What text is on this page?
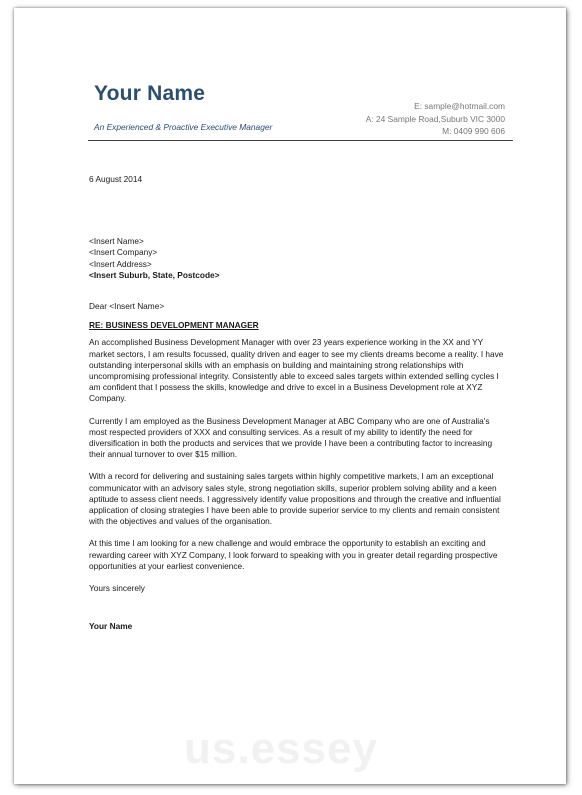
Your Name
An Experienced & Proactive Executive Manager
E: sample@hotmail.com
A: 24 Sample Road,Suburb VIC 3000
M: 0409 990 606

6 August 2014

<Insert Name>
<Insert Company>
<Insert Address>
<Insert Suburb, State, Postcode>

Dear <Insert Name>

RE: BUSINESS DEVELOPMENT MANAGER

An accomplished Business Development Manager with over 23 years experience working in the XX and YY market sectors, I am results focussed, quality driven and eager to see my clients dreams become a reality. I have outstanding interpersonal skills with an emphasis on building and maintaining strong relationships with uncompromising professional integrity. Consistently able to exceed sales targets within extended selling cycles I am confident that I possess the skills, knowledge and drive to excel in a Business Development role at XYZ Company.

Currently I am employed as the Business Development Manager at ABC Company who are one of Australia's most respected providers of XXX and consulting services. As a result of my ability to identify the need for diversification in both the products and services that we provide I have been a contributing factor to increasing their annual turnover to over $15 million.

With a record for delivering and sustaining sales targets within highly competitive markets, I am an exceptional communicator with an advisory sales style, strong negotiation skills, superior problem solving ability and a keen aptitude to assess client needs. I aggressively identify value propositions and through the creative and influential application of closing strategies I have been able to provide superior service to my clients and remain consistent with the objectives and values of the organisation.

At this time I am looking for a new challenge and would embrace the opportunity to establish an exciting and rewarding career with XYZ Company, I look forward to speaking with you in greater detail regarding prospective opportunities at your earliest convenience.

Yours sincerely

Your Name

us.essey
